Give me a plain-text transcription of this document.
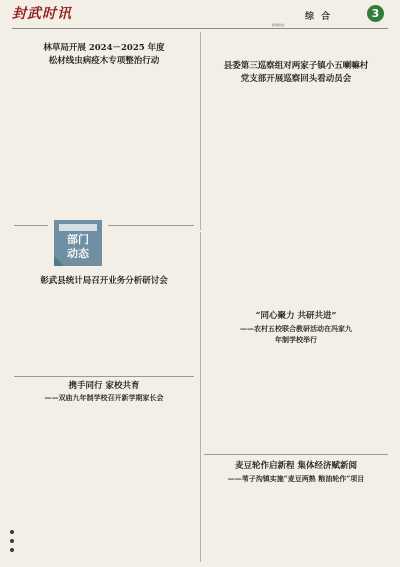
封武时讯	综 合	3
新闻热线:
林草局开展 2024－2025 年度
松材线虫病疫木专项整治行动	县委第三巡察组对两家子镇小五喇嘛村
党支部开展巡察回头看动员会
部门
动态
彰武县统计局召开业务分析研讨会
“同心聚力 共研共进”
——农村五校联合教研活动在冯家九
年制学校举行
携手同行 家校共育
——双庙九年制学校召开新学期家长会
麦豆轮作启新程 集体经济赋新阅
——苇子沟镇实施“麦豆两熟 粮油轮作”项目
